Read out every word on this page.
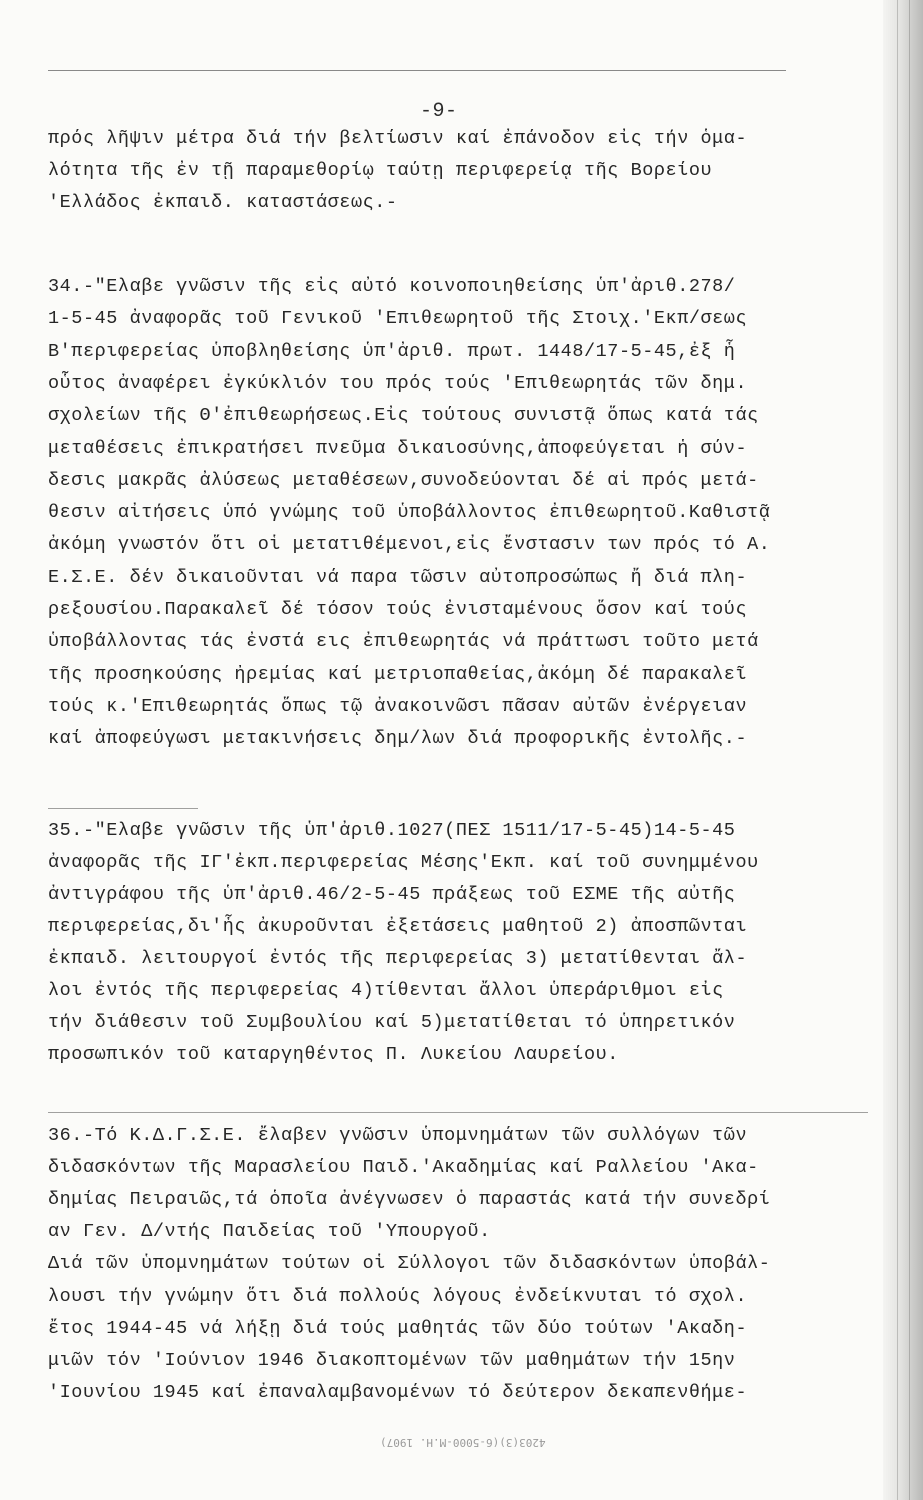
-9-
πρός λῆψιν μέτρα διά τήν βελτίωσιν καί ἐπάνοδον εἰς τήν ὁμα-
λότητα τῆς ἐν τῇ παραμεθορίῳ ταύτῃ περιφερείᾳ τῆς Βορείου
'Ελλάδος ἐκπαιδ. καταστάσεως.-
34.-"Ελαβε γνῶσιν τῆς εἰς αὐτό κοινοποιηθείσης ὑπ'ἀριθ.278/
1-5-45 ἀναφορᾶς τοῦ Γενικοῦ 'Επιθεωρητοῦ τῆς Στοιχ.'Εκπ/σεως
Β'περιφερείας ὑποβληθείσης ὑπ'ἀριθ. πρωτ. 1448/17-5-45,ἐξ ἧ
οὗτος ἀναφέρει ἐγκύκλιόν του πρός τούς 'Επιθεωρητάς τῶν δημ.
σχολείων τῆς Θ'ἐπιθεωρήσεως.Εἰς τούτους συνιστᾷ ὅπως κατά τάς
μεταθέσεις ἐπικρατήσει πνεῦμα δικαιοσύνης,ἀποφεύγεται ἡ σύν-
δεσις μακρᾶς ἀλύσεως μεταθέσεων,συνοδεύονται δέ αἱ πρός μετά-
θεσιν αἰτήσεις ὑπό γνώμης τοῦ ὑποβάλλοντος ἐπιθεωρητοῦ.Καθιστᾷ
ἀκόμη γνωστόν ὅτι οἱ μετατιθέμενοι,εἰς ἔνστασιν των πρός τό Α.
Ε.Σ.Ε. δέν δικαιοῦνται νά παρα τῶσιν αὐτοπροσώπως ἤ διά πλη-
ρεξουσίου.Παρακαλεῖ δέ τόσον τούς ἐνισταμένους ὅσον καί τούς
ὑποβάλλοντας τάς ἐνστά εις ἐπιθεωρητάς νά πράττωσι τοῦτο μετά
τῆς προσηκούσης ἠρεμίας καί μετριοπαθείας,ἀκόμη δέ παρακαλεῖ
τούς κ.'Επιθεωρητάς ὅπως τῷ ἀνακοινῶσι πᾶσαν αὐτῶν ἐνέργειαν
καί ἀποφεύγωσι μετακινήσεις δημ/λων διά προφορικῆς ἐντολῆς.-
35.-"Ελαβε γνῶσιν τῆς ὑπ'ἀριθ.1027(ΠΕΣ 1511/17-5-45)14-5-45
ἀναφορᾶς τῆς ΙΓ'ἐκπ.περιφερείας Μέσης'Εκπ. καί τοῦ συνημμένου
ἀντιγράφου τῆς ὑπ'ἀριθ.46/2-5-45 πράξεως τοῦ ΕΣΜΕ τῆς αὐτῆς
περιφερείας,δι'ἧς ἀκυροῦνται ἐξετάσεις μαθητοῦ 2) ἀποσπῶνται
ἐκπαιδ. λειτουργοί ἐντός τῆς περιφερείας 3) μετατίθενται ἄλ-
λοι ἐντός τῆς περιφερείας 4)τίθενται ἄλλοι ὑπεράριθμοι εἰς
τήν διάθεσιν τοῦ Συμβουλίου καί 5)μετατίθεται τό ὑπηρετικόν
προσωπικόν τοῦ καταργηθέντος Π. Λυκείου Λαυρείου.
36.-Τό Κ.Δ.Γ.Σ.Ε. ἔλαβεν γνῶσιν ὑπομνημάτων τῶν συλλόγων τῶν
διδασκόντων τῆς Μαρασλείου Παιδ.'Ακαδημίας καί Ραλλείου 'Ακα-
δημίας Πειραιῶς,τά ὁποῖα ἀνέγνωσεν ὁ παραστάς κατά τήν συνεδρί
αν Γεν. Δ/ντής Παιδείας τοῦ 'Υπουργοῦ.
Διά τῶν ὑπομνημάτων τούτων οἱ Σύλλογοι τῶν διδασκόντων ὑποβάλ-
λουσι τήν γνώμην ὅτι διά πολλούς λόγους ἐνδείκνυται τό σχολ.
ἔτος 1944-45 νά λήξῃ διά τούς μαθητάς τῶν δύο τούτων 'Ακαδη-
μιῶν τόν 'Ιούνιον 1946 διακοπτομένων τῶν μαθημάτων τήν 15ην
'Ιουνίου 1945 καί ἐπαναλαμβανομένων τό δεύτερον δεκαπενθήμε-
4203(3)(6-5000-M.H. 1907)
